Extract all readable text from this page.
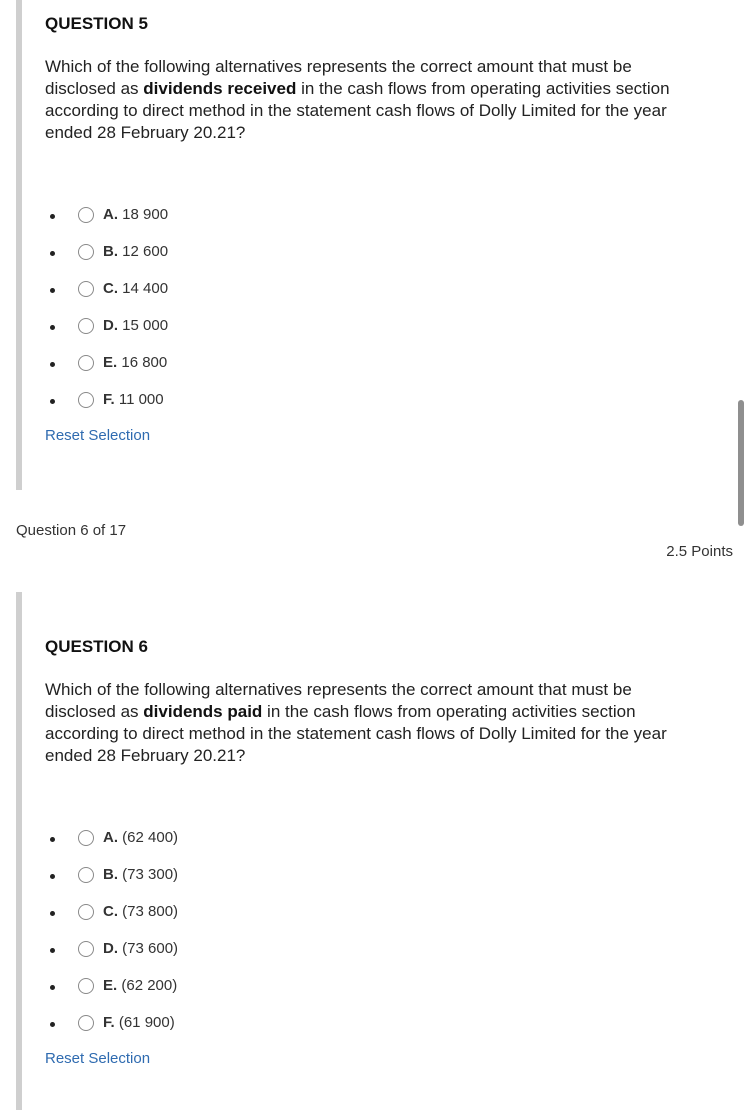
QUESTION 5

Which of the following alternatives represents the correct amount that must be disclosed as dividends received in the cash flows from operating activities section according to direct method in the statement cash flows of Dolly Limited for the year ended 28 February 20.21?

A. 18 900
B. 12 600
C. 14 400
D. 15 000
E. 16 800
F. 11 000
Reset Selection
Question 6 of 17
2.5 Points
QUESTION 6

Which of the following alternatives represents the correct amount that must be disclosed as dividends paid in the cash flows from operating activities section according to direct method in the statement cash flows of Dolly Limited for the year ended 28 February 20.21?

A. (62 400)
B. (73 300)
C. (73 800)
D. (73 600)
E. (62 200)
F. (61 900)
Reset Selection
